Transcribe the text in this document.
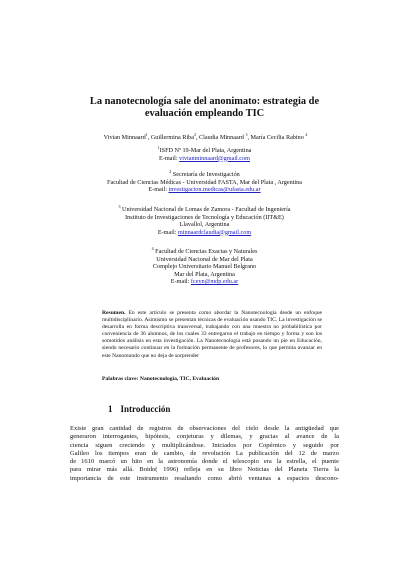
La nanotecnología sale del anonimato: estrategia de
evaluación empleando TIC
Vivian Minnaard$^1$, Guillermina Riba$^2$, Claudia Minnaard $^3$, María Cecilia Rabino $^4$
$^1$ISFD Nº 19-Mar del Plata, Argentina
E-mail: vivianminnaard@gmail.com
$^2$ Secretaría de Investigación
Facultad de Ciencias Médicas - Universidad FASTA, Mar del Plata , Argentina
E-mail: investigacion.medicas@ufasta.edu.ar
$^3$ Universidad Nacional de Lomas de Zamora - Facultad de Ingeniería
Instituto de Investigaciones de Tecnología y Educación (IIT&E)
Llavallol, Argentina
E-mail: minnaardclaudia@gmail.com
$^4$ Facultad de Ciencias Exactas y Naturales
Universidad Nacional de Mar del Plata
Complejo Universitario Manuel Belgrano
Mar del Plata, Argentina
E-mail: fceyn@mdp.edu.ar
Resumen. En este artículo se presenta como abordar la Nanotecnología desde un enfoque multidisciplinario. Asimismo se presentan técnicas de evaluación usando TIC. La investigación se desarrolla en forma descriptiva transversal, trabajando con una muestra no probabilística por conveniencia de 36 alumnos, de los cuales 33 entregaron el trabajo en tiempo y forma y son los somotidos análisis en esta investigación. La Nanotecnología está posando un pie en Educación, siendo necesario continuar en la formación permanente de profesores, lo que permita avanzar en este Nanomundo que no deja de sorprender
Palabras clave: Nanotecnología, TIC, Evaluación
1 Introducción
Existe gran cantidad de registros de observaciones del cielo desde la antigüedad que
generaron interrogantes, hipótesis, conjeturas y dilemas, y gracias al avance de la
ciencia siguen creciendo y multiplicándose. Iniciados por Copérnico y seguido por
Galileo los tiempos eran de cambio, de revolución La publicación del 12 de marzo
de 1610 marcó un hito en la astronomía donde el telescopio era la estrella, el puente
para mirar más allá. Boido( 1996) refleja en su libro Noticias del Planeta Tierra la
importancia de este instrumento resaltando como abrió ventanas a espacios descono-
